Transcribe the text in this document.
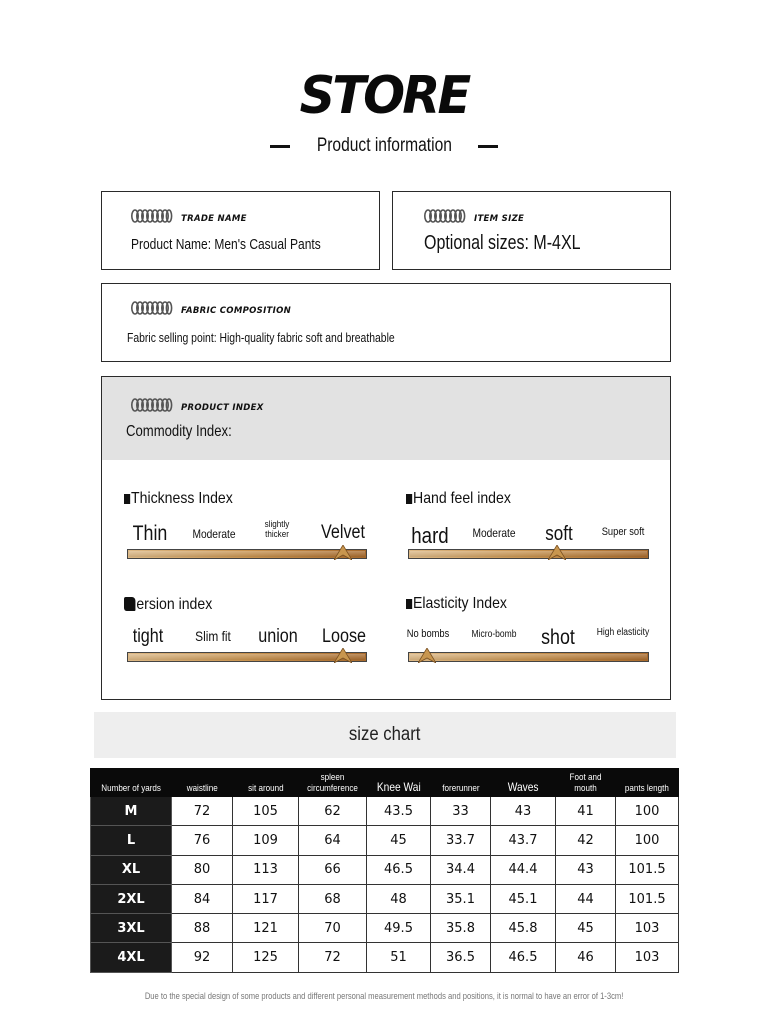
STORE
Product information
TRADE NAME
Product Name: Men's Casual Pants
ITEM SIZE
Optional sizes: M-4XL
FABRIC COMPOSITION
Fabric selling point: High-quality fabric soft and breathable
PRODUCT INDEX
Commodity Index:
Thickness Index
Thin Moderate
slightly thicker Velvet
Hand feel index
hard Moderate soft	Super soft
ersion index
tight Slim fit union Loose
Elasticity Index
No bombs Micro-bomb shot High elasticity
size chart
Number of yards	waistline	sit around	spleen circumference	Knee Wai	forerunner	Waves	Foot and mouth	pants length
M	72	105	62	43.5	33	43	41	100
L	76	109	64	45	33.7	43.7	42	100
XL	80	113	66	46.5	34.4	44.4	43	101.5
2XL	84	117	68	48	35.1	45.1	44	101.5
3XL	88	121	70	49.5	35.8	45.8	45	103
4XL	92	125	72	51	36.5	46.5	46	103
Due to the special design of some products and different personal measurement methods and positions, it is normal to have an error of 1-3cm!
